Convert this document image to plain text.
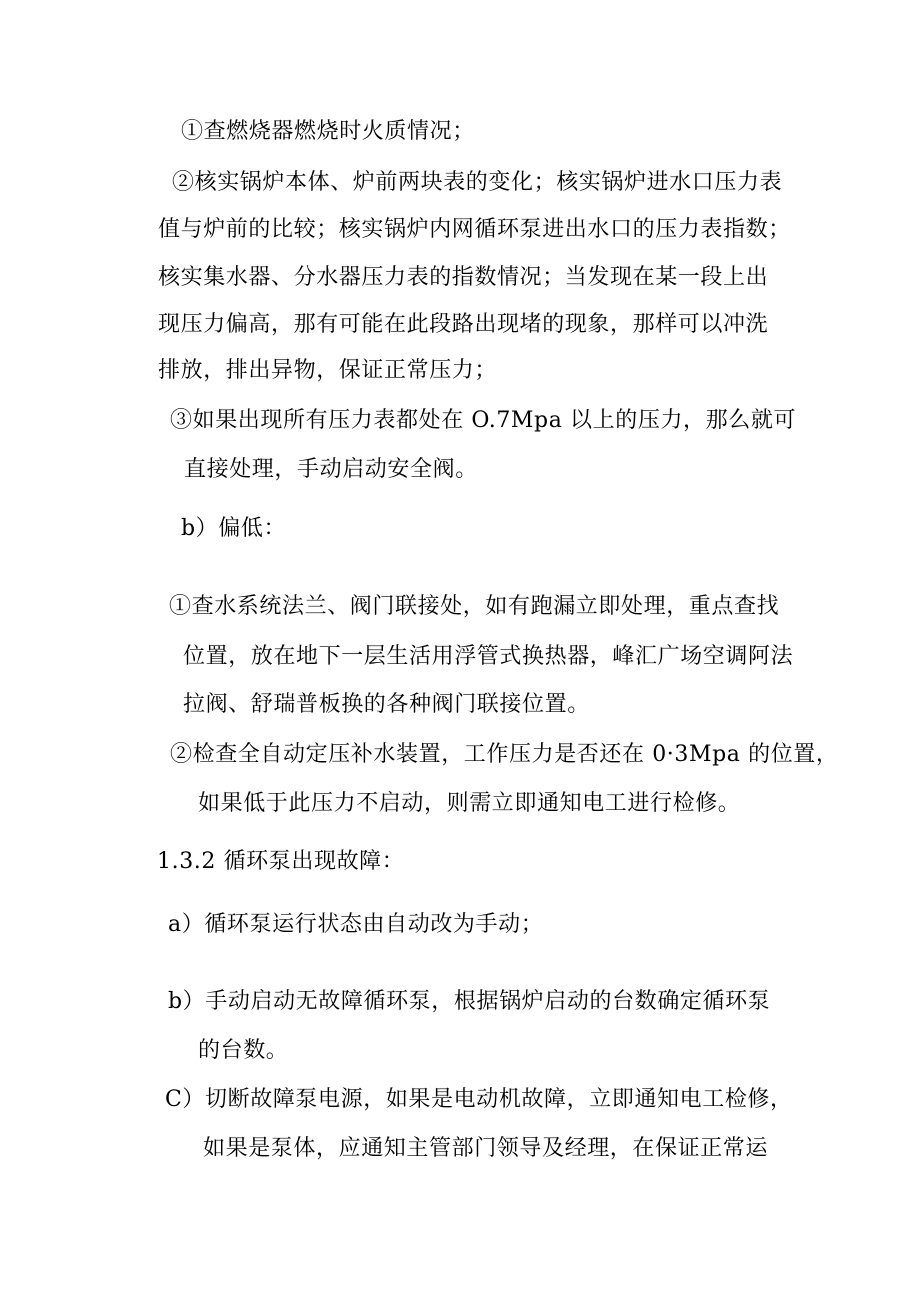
①查燃烧器燃烧时火质情况；
②核实锅炉本体、炉前两块表的变化；核实锅炉进水口压力表
值与炉前的比较；核实锅炉内网循环泵进出水口的压力表指数；
核实集水器、分水器压力表的指数情况；当发现在某一段上出
现压力偏高，那有可能在此段路出现堵的现象，那样可以冲洗
排放，排出异物，保证正常压力；
③如果出现所有压力表都处在 O.7Mpa 以上的压力，那么就可
直接处理，手动启动安全阀。
b）偏低：
①查水系统法兰、阀门联接处，如有跑漏立即处理，重点查找
位置，放在地下一层生活用浮管式换热器，峰汇广场空调阿法
拉阀、舒瑞普板换的各种阀门联接位置。
②检查全自动定压补水装置，工作压力是否还在 0·3Mpa 的位置，
如果低于此压力不启动，则需立即通知电工进行检修。
1.3.2 循环泵出现故障：
a）循环泵运行状态由自动改为手动；
b）手动启动无故障循环泵，根据锅炉启动的台数确定循环泵
的台数。
C）切断故障泵电源，如果是电动机故障，立即通知电工检修，
如果是泵体，应通知主管部门领导及经理，在保证正常运
